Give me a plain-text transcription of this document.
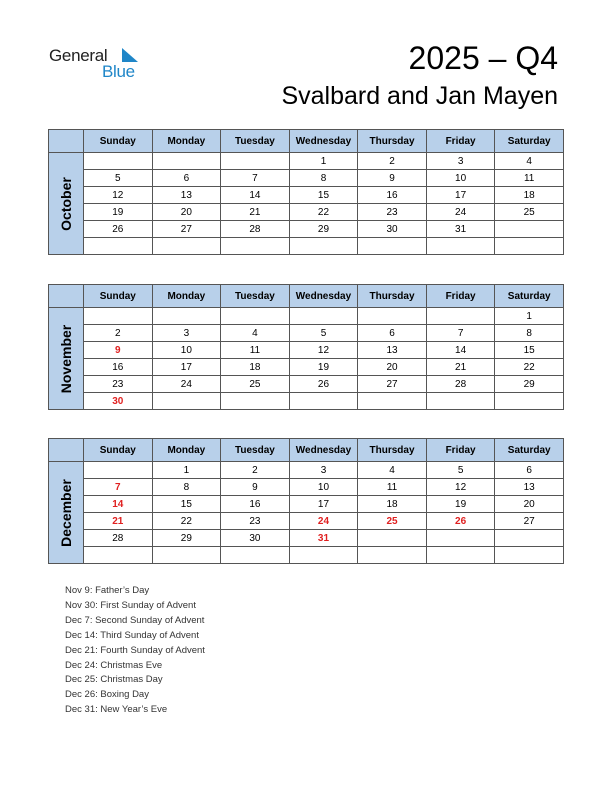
General
Blue	2025 – Q4
Svalbard and Jan Mayen
	Sunday	Monday	Tuesday	Wednesday	Thursday	Friday	Saturday

October				1	2	3	4
	5	6	7	8	9	10	11
	12	13	14	15	16	17	18
	19	20	21	22	23	24	25
	26	27	28	29	30	31	

	Sunday	Monday	Tuesday	Wednesday	Thursday	Friday	Saturday

November							1
	2	3	4	5	6	7	8
	9	10	11	12	13	14	15
	16	17	18	19	20	21	22
	23	24	25	26	27	28	29
	30						
	Sunday	Monday	Tuesday	Wednesday	Thursday	Friday	Saturday

December		1	2	3	4	5	6
	7	8	9	10	11	12	13
	14	15	16	17	18	19	20
	21	22	23	24	25	26	27
	28	29	30	31			

Nov 9: Father’s Day
Nov 30: First Sunday of Advent
Dec 7: Second Sunday of Advent
Dec 14: Third Sunday of Advent
Dec 21: Fourth Sunday of Advent
Dec 24: Christmas Eve
Dec 25: Christmas Day
Dec 26: Boxing Day
Dec 31: New Year’s Eve
